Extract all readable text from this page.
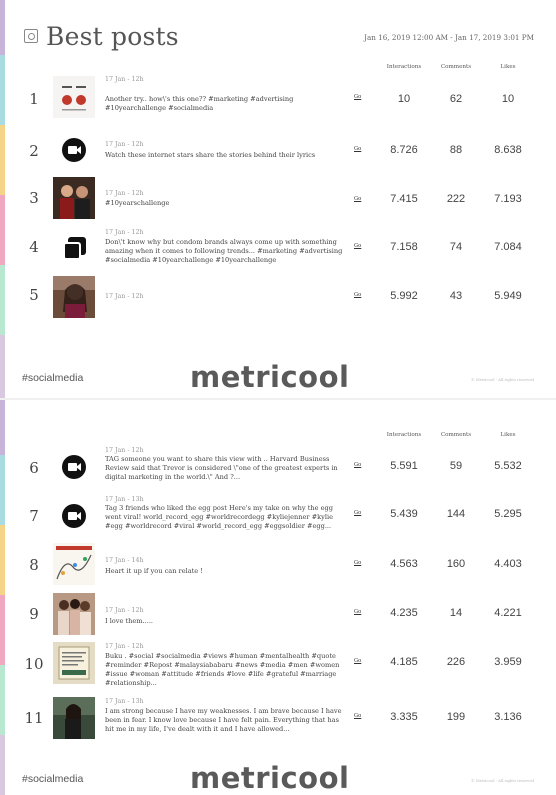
Best posts	Jan 16, 2019 12:00 AM - Jan 17, 2019 3:01 PM
Interactions	Comments	Likes
1
17 Jan - 12h
Another try.. how\'s this one?? #marketing #advertising #10yearchallenge #socialmedia
Go	10	62	10
2	17 Jan - 12h
Watch these internet stars share the stories behind their lyrics
Go	8.726	88	8.638
3	17 Jan - 12h
#10yearschallenge	Go	7.415	222	7.193
4
17 Jan - 12h
Don\'t know why but condom brands always come up with something amazing when it comes to following trends... #marketing #advertising #socialmedia #10yearchallenge #10yearchallenge
Go	7.158	74	7.084
5	17 Jan - 12h	Go	5.992	43	5.949
#socialmedia	metricool	© Metricool - All rights reserved
Interactions	Comments	Likes
6
17 Jan - 12h
TAG someone you want to share this view with .. Harvard Business Review said that Trevor is considered \"one of the greatest experts in digital marketing in the world.\" And ?...
Go	5.591	59	5.532
7
17 Jan - 13h
Tag 3 friends who liked the egg post Here's my take on why the egg went viral! world_record_egg #worldrecordegg #kyliejenner #kylie #egg #worldrecord #viral #world_record_egg #eggsoldier #egg...
Go	5.439	144	5.295
8	17 Jan - 14h
Heart it up if you can relate !
Go	4.563	160	4.403
9	17 Jan - 12h
I love them.....
Go	4.235	14	4.221
10
17 Jan - 12h
Buku . #social #socialmedia #views #human #mentalhealth #quote #reminder #Repost #malaysiababaru #news #media #men #women #issue #woman #attitude #friends #love #life #grateful #marriage #relationship...
Go	4.185	226	3.959
11
17 Jan - 13h
I am strong because I have my weaknesses. I am brave because I have been in fear. I know love because I have felt pain. Everything that has hit me in my life, I've dealt with it and I have allowed...
Go	3.335	199	3.136
#socialmedia	metricool	© Metricool - All rights reserved
